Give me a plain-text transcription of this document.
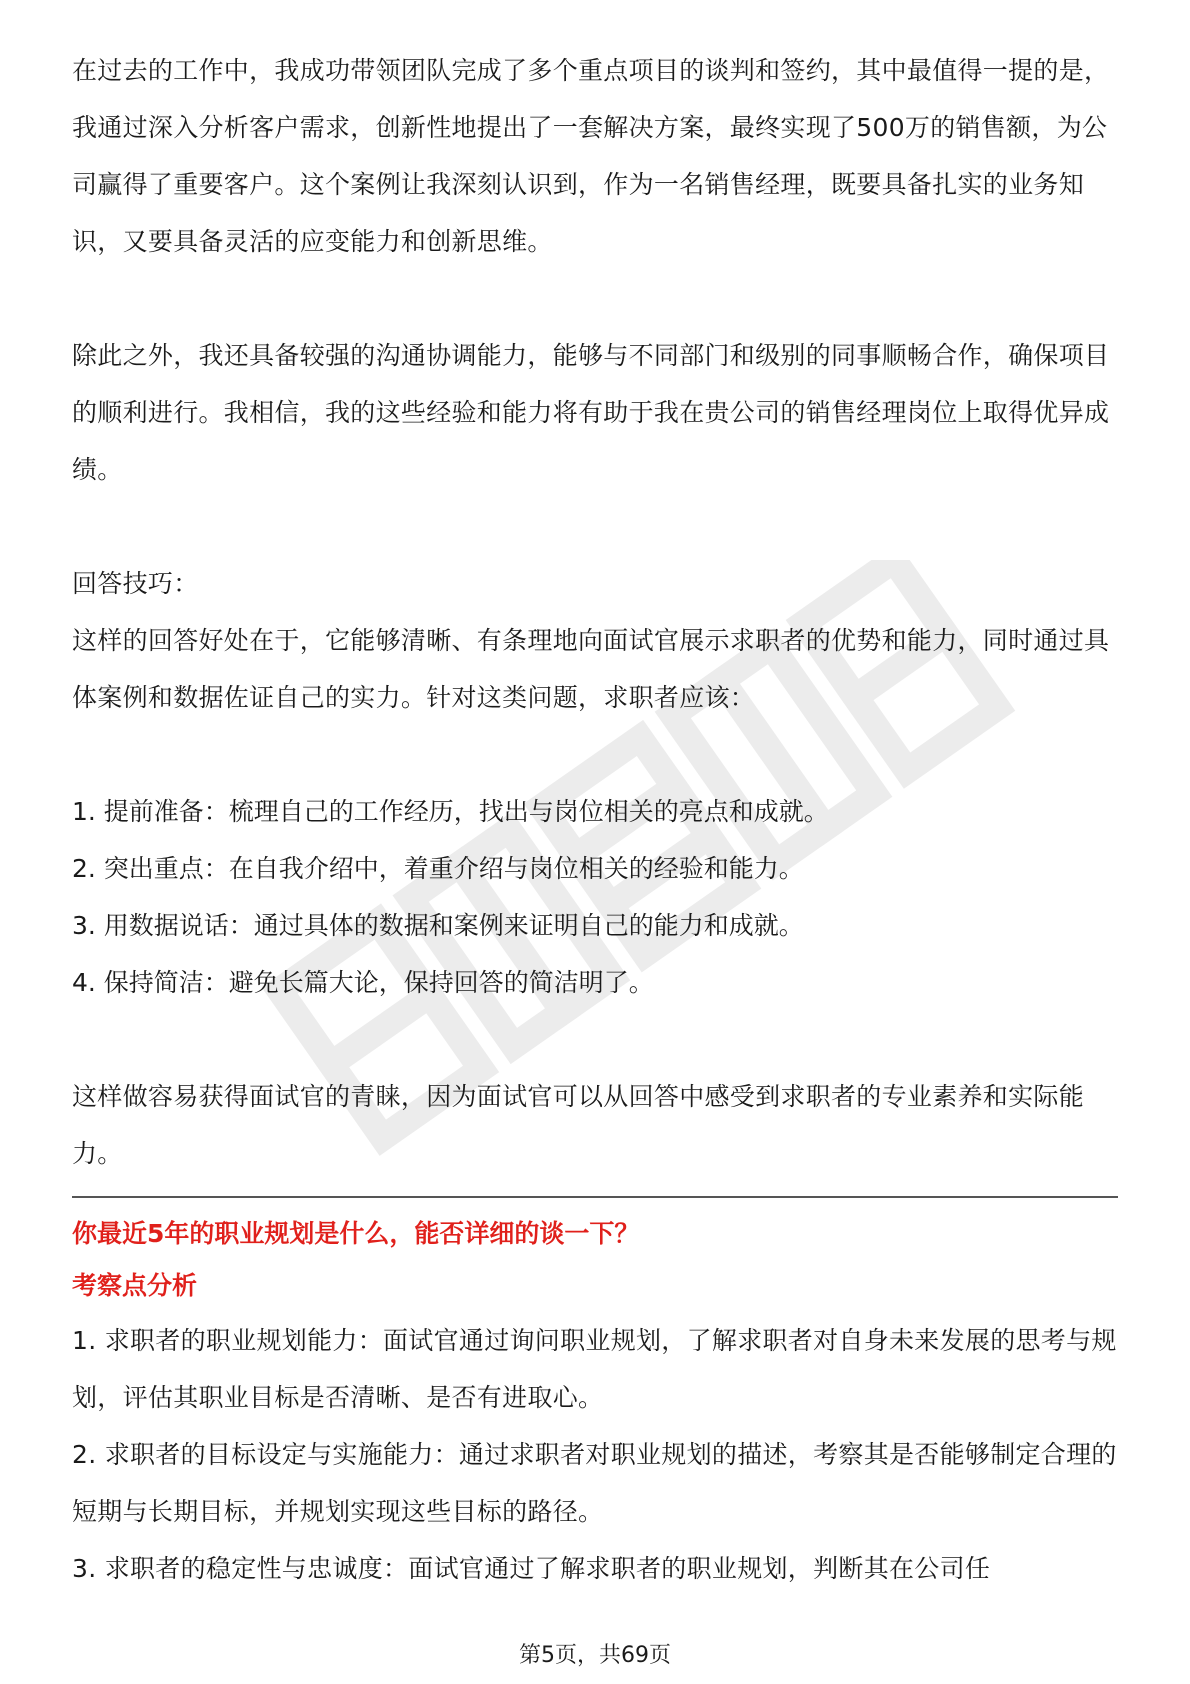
在过去的工作中，我成功带领团队完成了多个重点项目的谈判和签约，其中最值得一提的是，我通过深入分析客户需求，创新性地提出了一套解决方案，最终实现了500万的销售额，为公司赢得了重要客户。这个案例让我深刻认识到，作为一名销售经理，既要具备扎实的业务知识，又要具备灵活的应变能力和创新思维。

除此之外，我还具备较强的沟通协调能力，能够与不同部门和级别的同事顺畅合作，确保项目的顺利进行。我相信，我的这些经验和能力将有助于我在贵公司的销售经理岗位上取得优异成绩。

回答技巧：

这样的回答好处在于，它能够清晰、有条理地向面试官展示求职者的优势和能力，同时通过具体案例和数据佐证自己的实力。针对这类问题，求职者应该：

1. 提前准备：梳理自己的工作经历，找出与岗位相关的亮点和成就。

2. 突出重点：在自我介绍中，着重介绍与岗位相关的经验和能力。

3. 用数据说话：通过具体的数据和案例来证明自己的能力和成就。

4. 保持简洁：避免长篇大论，保持回答的简洁明了。

这样做容易获得面试官的青睐，因为面试官可以从回答中感受到求职者的专业素养和实际能力。

你最近5年的职业规划是什么，能否详细的谈一下？

考察点分析

1. 求职者的职业规划能力：面试官通过询问职业规划，了解求职者对自身未来发展的思考与规划，评估其职业目标是否清晰、是否有进取心。

2. 求职者的目标设定与实施能力：通过求职者对职业规划的描述，考察其是否能够制定合理的短期与长期目标，并规划实现这些目标的路径。

3. 求职者的稳定性与忠诚度：面试官通过了解求职者的职业规划，判断其在公司任

第5页，共69页
